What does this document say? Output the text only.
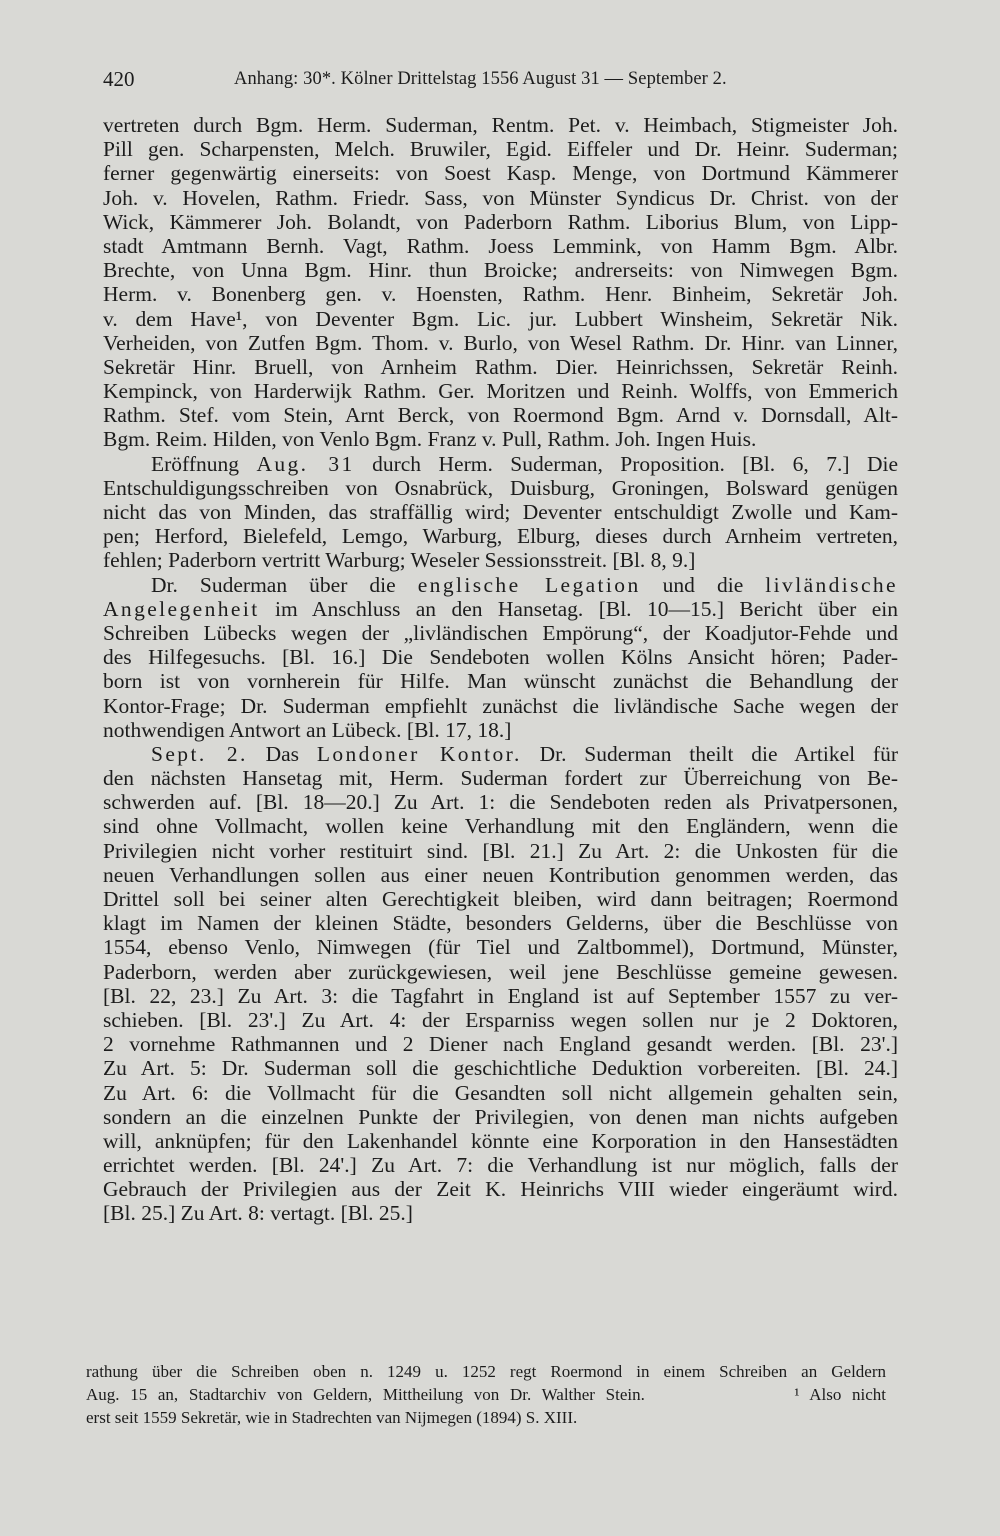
420	Anhang: 30*. Kölner Drittelstag 1556 August 31 — September 2.
vertreten durch Bgm. Herm. Suderman, Rentm. Pet. v. Heimbach, Stigmeister Joh.
Pill gen. Scharpensten, Melch. Bruwiler, Egid. Eiffeler und Dr. Heinr. Suderman;
ferner gegenwärtig einerseits: von Soest Kasp. Menge, von Dortmund Kämmerer
Joh. v. Hovelen, Rathm. Friedr. Sass, von Münster Syndicus Dr. Christ. von der
Wick, Kämmerer Joh. Bolandt, von Paderborn Rathm. Liborius Blum, von Lipp-
stadt Amtmann Bernh. Vagt, Rathm. Joess Lemmink, von Hamm Bgm. Albr.
Brechte, von Unna Bgm. Hinr. thun Broicke; andrerseits: von Nimwegen Bgm.
Herm. v. Bonenberg gen. v. Hoensten, Rathm. Henr. Binheim, Sekretär Joh.
v. dem Have¹, von Deventer Bgm. Lic. jur. Lubbert Winsheim, Sekretär Nik.
Verheiden, von Zutfen Bgm. Thom. v. Burlo, von Wesel Rathm. Dr. Hinr. van Linner,
Sekretär Hinr. Bruell, von Arnheim Rathm. Dier. Heinrichssen, Sekretär Reinh.
Kempinck, von Harderwijk Rathm. Ger. Moritzen und Reinh. Wolffs, von Emmerich
Rathm. Stef. vom Stein, Arnt Berck, von Roermond Bgm. Arnd v. Dornsdall, Alt-
Bgm. Reim. Hilden, von Venlo Bgm. Franz v. Pull, Rathm. Joh. Ingen Huis.
Eröffnung Aug. 31 durch Herm. Suderman, Proposition. [Bl. 6, 7.] Die
Entschuldigungsschreiben von Osnabrück, Duisburg, Groningen, Bolsward genügen
nicht das von Minden, das straffällig wird; Deventer entschuldigt Zwolle und Kam-
pen; Herford, Bielefeld, Lemgo, Warburg, Elburg, dieses durch Arnheim vertreten,
fehlen; Paderborn vertritt Warburg; Weseler Sessionsstreit. [Bl. 8, 9.]
Dr. Suderman über die englische Legation und die livländische
Angelegenheit im Anschluss an den Hansetag. [Bl. 10—15.] Bericht über ein
Schreiben Lübecks wegen der „livländischen Empörung“, der Koadjutor-Fehde und
des Hilfegesuchs. [Bl. 16.] Die Sendeboten wollen Kölns Ansicht hören; Pader-
born ist von vornherein für Hilfe. Man wünscht zunächst die Behandlung der
Kontor-Frage; Dr. Suderman empfiehlt zunächst die livländische Sache wegen der
nothwendigen Antwort an Lübeck. [Bl. 17, 18.]
Sept. 2. Das Londoner Kontor. Dr. Suderman theilt die Artikel für
den nächsten Hansetag mit, Herm. Suderman fordert zur Überreichung von Be-
schwerden auf. [Bl. 18—20.] Zu Art. 1: die Sendeboten reden als Privatpersonen,
sind ohne Vollmacht, wollen keine Verhandlung mit den Engländern, wenn die
Privilegien nicht vorher restituirt sind. [Bl. 21.] Zu Art. 2: die Unkosten für die
neuen Verhandlungen sollen aus einer neuen Kontribution genommen werden, das
Drittel soll bei seiner alten Gerechtigkeit bleiben, wird dann beitragen; Roermond
klagt im Namen der kleinen Städte, besonders Gelderns, über die Beschlüsse von
1554, ebenso Venlo, Nimwegen (für Tiel und Zaltbommel), Dortmund, Münster,
Paderborn, werden aber zurückgewiesen, weil jene Beschlüsse gemeine gewesen.
[Bl. 22, 23.] Zu Art. 3: die Tagfahrt in England ist auf September 1557 zu ver-
schieben. [Bl. 23'.] Zu Art. 4: der Ersparniss wegen sollen nur je 2 Doktoren,
2 vornehme Rathmannen und 2 Diener nach England gesandt werden. [Bl. 23'.]
Zu Art. 5: Dr. Suderman soll die geschichtliche Deduktion vorbereiten. [Bl. 24.]
Zu Art. 6: die Vollmacht für die Gesandten soll nicht allgemein gehalten sein,
sondern an die einzelnen Punkte der Privilegien, von denen man nichts aufgeben
will, anknüpfen; für den Lakenhandel könnte eine Korporation in den Hansestädten
errichtet werden. [Bl. 24'.] Zu Art. 7: die Verhandlung ist nur möglich, falls der
Gebrauch der Privilegien aus der Zeit K. Heinrichs VIII wieder eingeräumt wird.
[Bl. 25.] Zu Art. 8: vertagt. [Bl. 25.]
rathung über die Schreiben oben n. 1249 u. 1252 regt Roermond in einem Schreiben an Geldern
Aug. 15 an, Stadtarchiv von Geldern, Mittheilung von Dr. Walther Stein.              ¹ Also nicht
erst seit 1559 Sekretär, wie in Stadrechten van Nijmegen (1894) S. XIII.
